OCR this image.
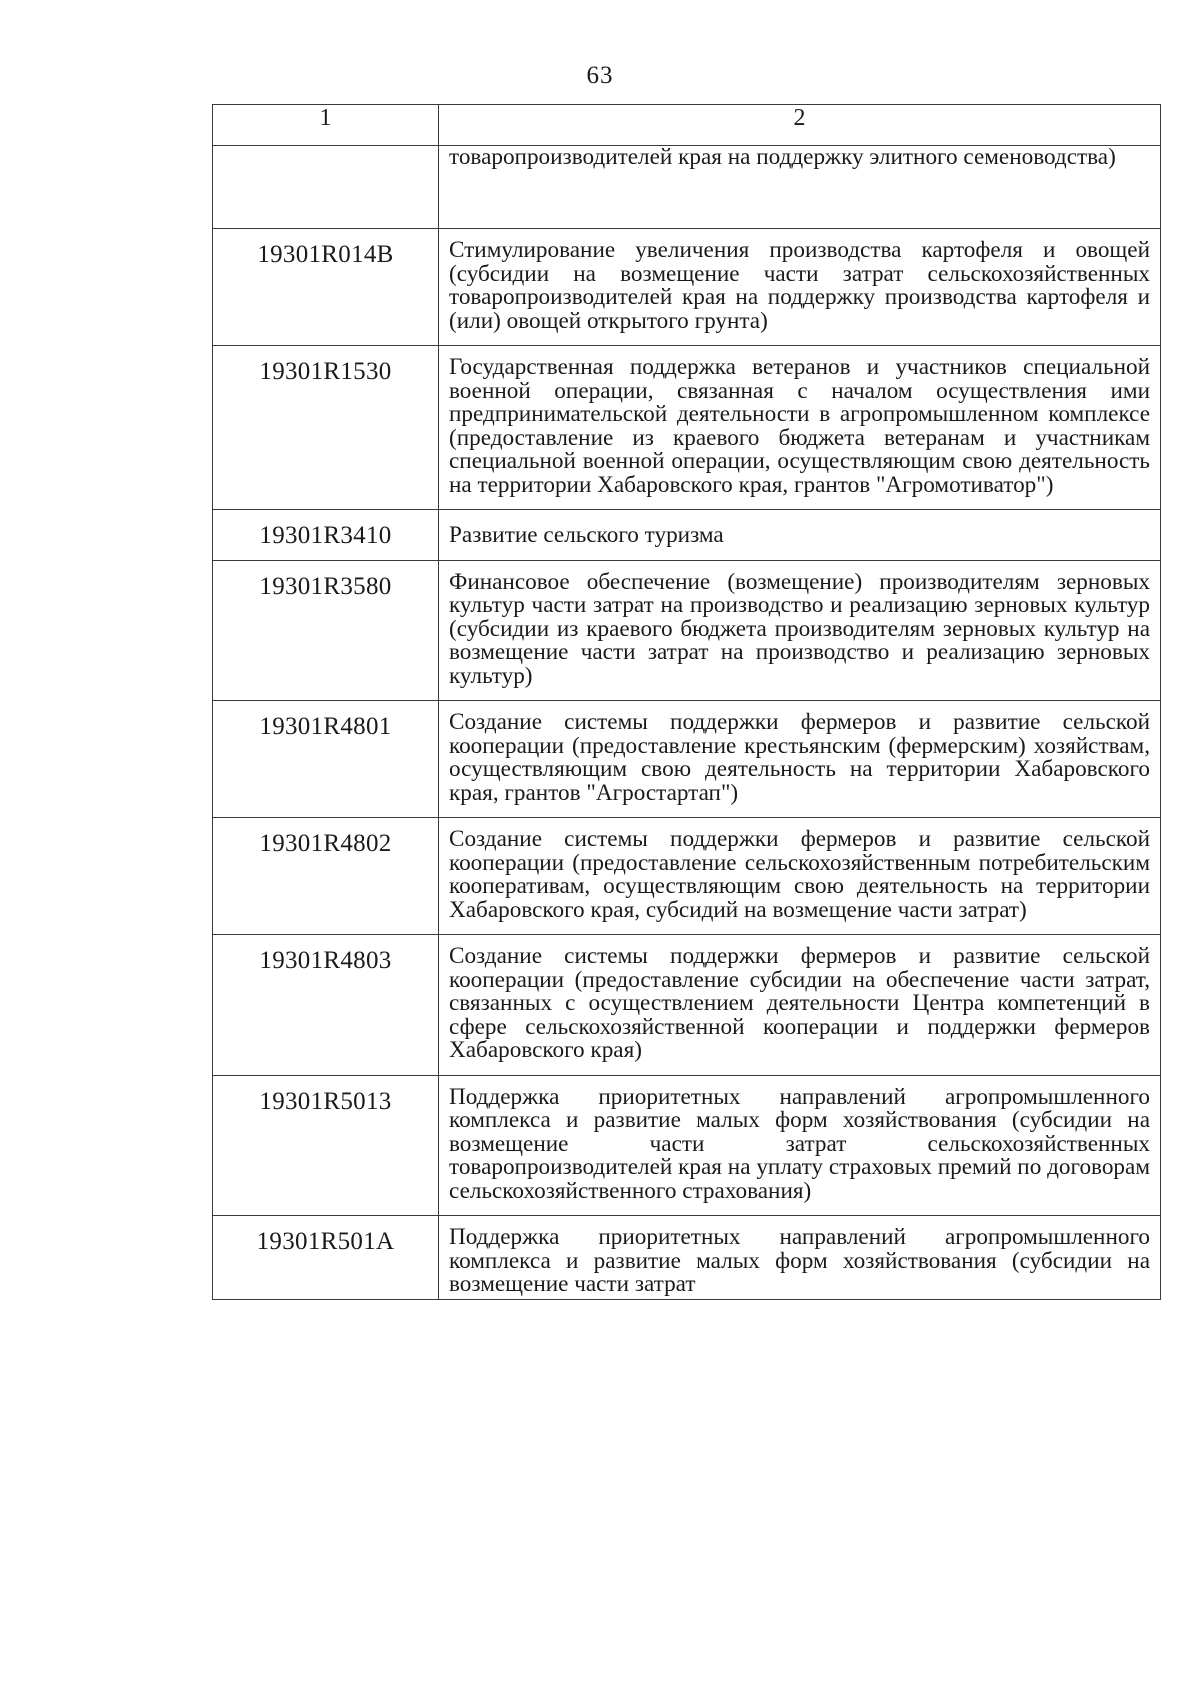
63
1	2
	товаропроизводителей края на поддержку элитного семеноводства)
19301R014B	Стимулирование увеличения производства картофеля и овощей (субсидии на возмещение части затрат сельскохозяйственных товаропроизводителей края на поддержку производства картофеля и (или) овощей открытого грунта)
19301R1530	Государственная поддержка ветеранов и участников специальной военной операции, связанная с началом осуществления ими предпринимательской деятельности в агропромышленном комплексе (предоставление из краевого бюджета ветеранам и участникам специальной военной операции, осуществляющим свою деятельность на территории Хабаровского края, грантов "Агромотиватор")
19301R3410	Развитие сельского туризма
19301R3580	Финансовое обеспечение (возмещение) производителям зерновых культур части затрат на производство и реализацию зерновых культур (субсидии из краевого бюджета производителям зерновых культур на возмещение части затрат на производство и реализацию зерновых культур)
19301R4801	Создание системы поддержки фермеров и развитие сельской кооперации (предоставление крестьянским (фермерским) хозяйствам, осуществляющим свою деятельность на территории Хабаровского края, грантов "Агростартап")
19301R4802	Создание системы поддержки фермеров и развитие сельской кооперации (предоставление сельскохозяйственным потребительским кооперативам, осуществляющим свою деятельность на территории Хабаровского края, субсидий на возмещение части затрат)
19301R4803	Создание системы поддержки фермеров и развитие сельской кооперации (предоставление субсидии на обеспечение части затрат, связанных с осуществлением деятельности Центра компетенций в сфере сельскохозяйственной кооперации и поддержки фермеров Хабаровского края)
19301R5013	Поддержка приоритетных направлений агропромышленного комплекса и развитие малых форм хозяйствования (субсидии на возмещение части затрат сельскохозяйственных товаропроизводителей края на уплату страховых премий по договорам сельскохозяйственного страхования)
19301R501A	Поддержка приоритетных направлений агропромышленного комплекса и развитие малых форм хозяйствования (субсидии на возмещение части затрат
